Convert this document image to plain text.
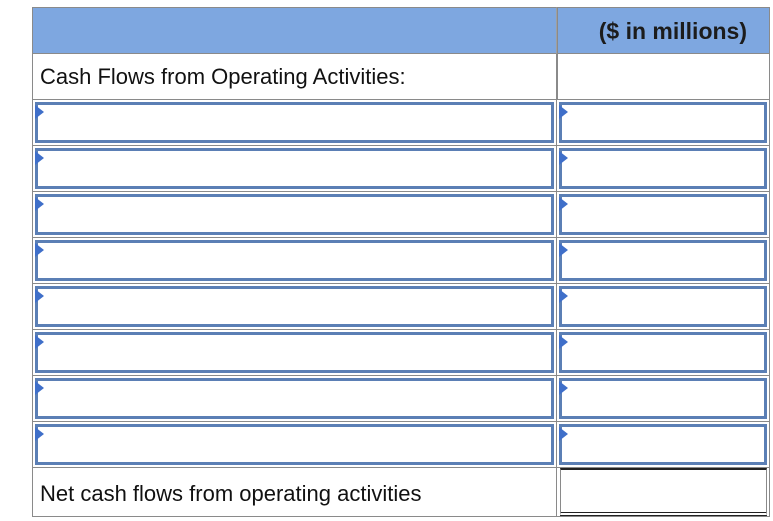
($ in millions)
Cash Flows from Operating Activities:
Net cash flows from operating activities
